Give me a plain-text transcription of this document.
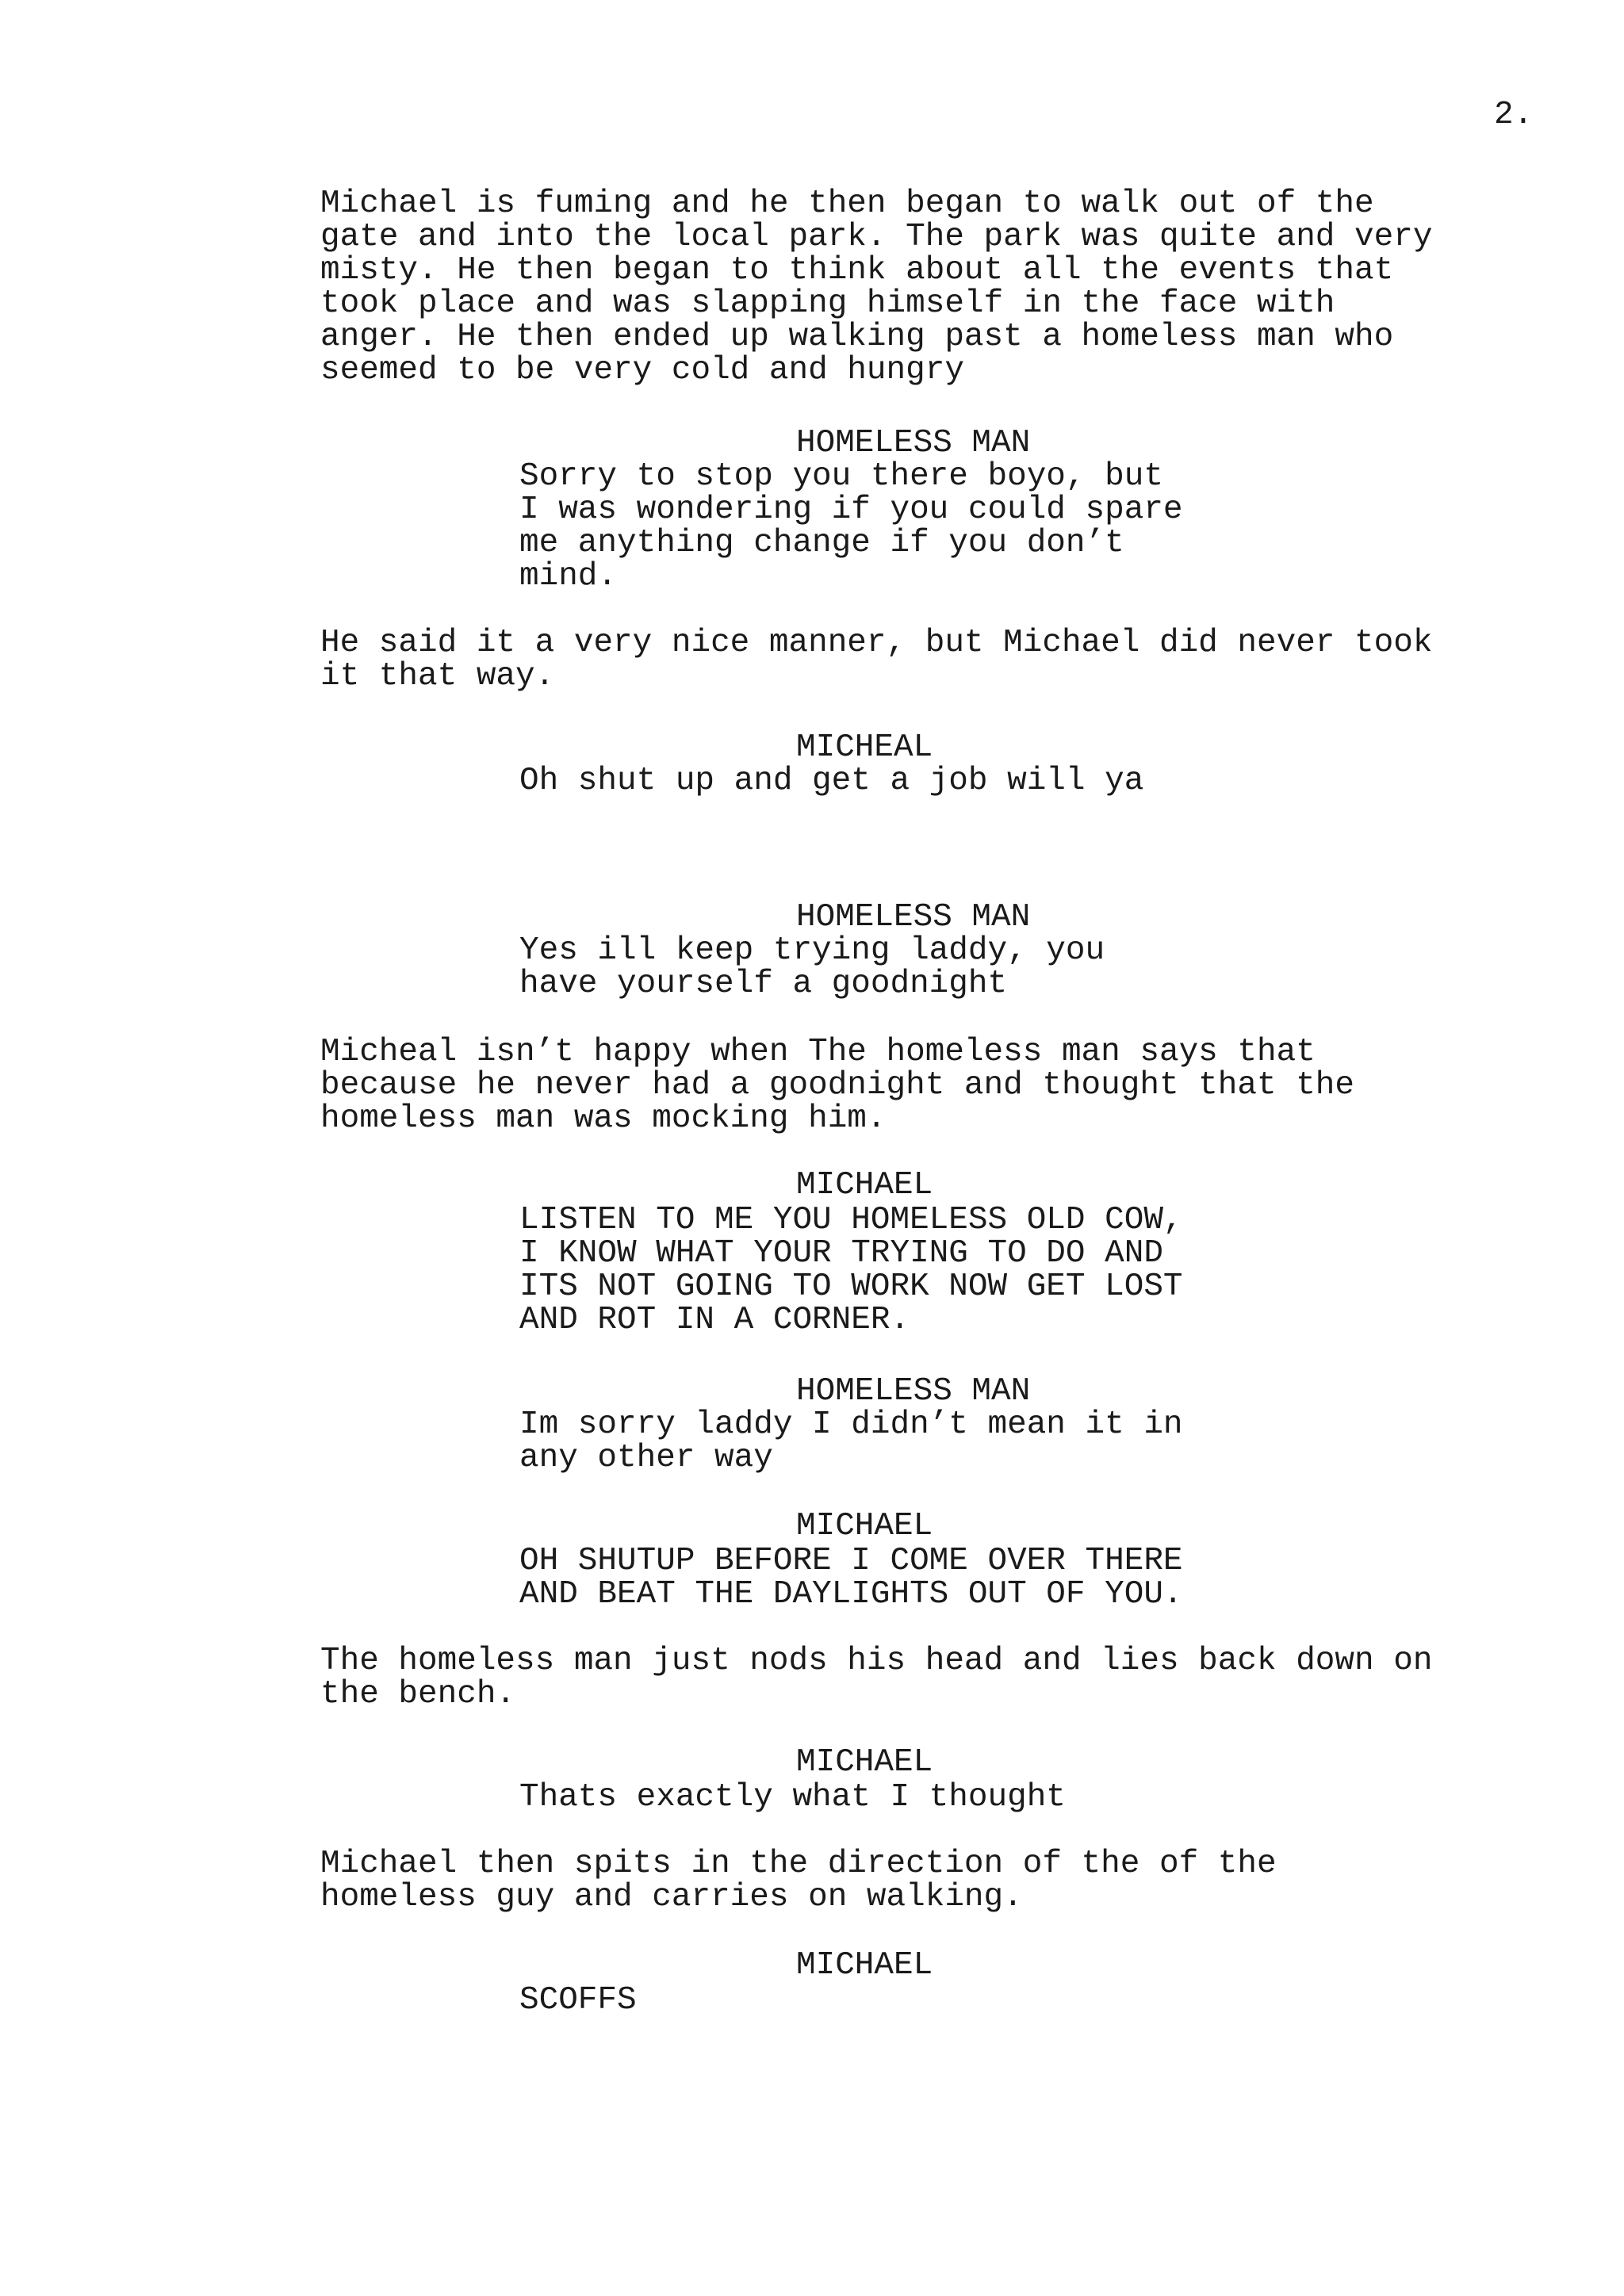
2.

Michael is fuming and he then began to walk out of the
gate and into the local park. The park was quite and very
misty. He then began to think about all the events that
took place and was slapping himself in the face with
anger. He then ended up walking past a homeless man who
seemed to be very cold and hungry

HOMELESS MAN

Sorry to stop you there boyo, but
I was wondering if you could spare
me anything change if you don’t
mind.

He said it a very nice manner, but Michael did never took
it that way.

MICHEAL

Oh shut up and get a job will ya

HOMELESS MAN

Yes ill keep trying laddy, you
have yourself a goodnight

Micheal isn’t happy when The homeless man says that
because he never had a goodnight and thought that the
homeless man was mocking him.

MICHAEL

LISTEN TO ME YOU HOMELESS OLD COW,
I KNOW WHAT YOUR TRYING TO DO AND
ITS NOT GOING TO WORK NOW GET LOST
AND ROT IN A CORNER.

HOMELESS MAN

Im sorry laddy I didn’t mean it in
any other way

MICHAEL

OH SHUTUP BEFORE I COME OVER THERE
AND BEAT THE DAYLIGHTS OUT OF YOU.

The homeless man just nods his head and lies back down on
the bench.

MICHAEL

Thats exactly what I thought

Michael then spits in the direction of the of the
homeless guy and carries on walking.

MICHAEL

SCOFFS
